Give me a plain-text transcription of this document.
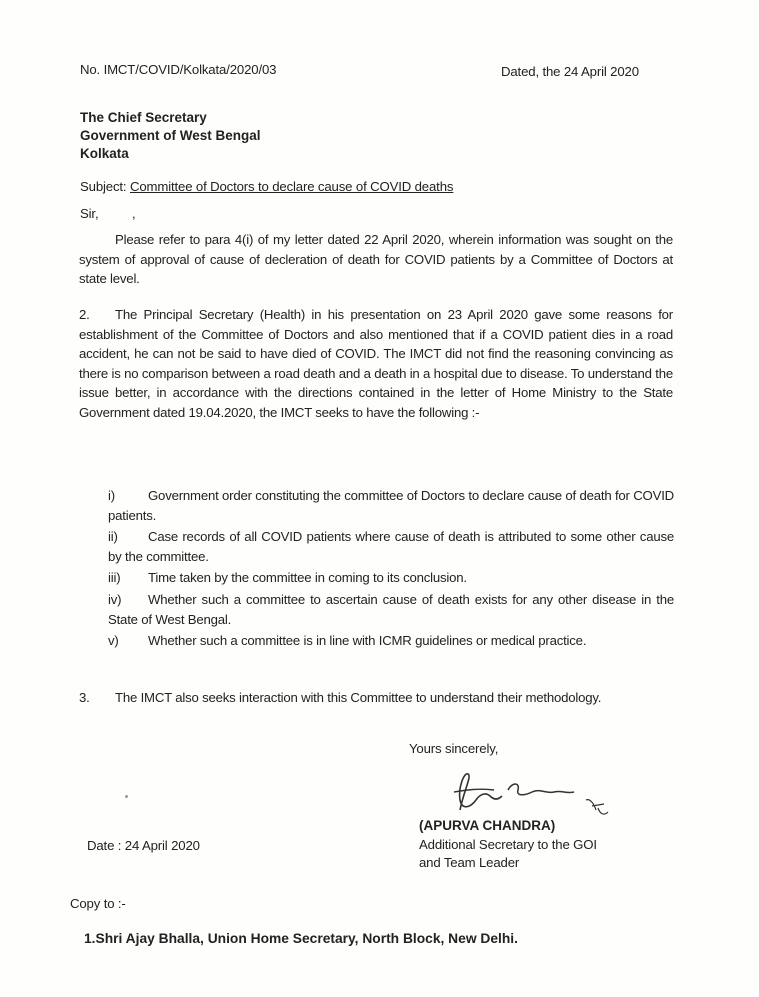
No. IMCT/COVID/Kolkata/2020/03	Dated, the 24 April 2020
The Chief Secretary
Government of West Bengal
Kolkata
Subject: Committee of Doctors to declare cause of COVID deaths
Sir,	,
Please refer to para 4(i) of my letter dated 22 April 2020, wherein information was sought on the system of approval of cause of decleration of death for COVID patients by a Committee of Doctors at state level.
2. The Principal Secretary (Health) in his presentation on 23 April 2020 gave some reasons for establishment of the Committee of Doctors and also mentioned that if a COVID patient dies in a road accident, he can not be said to have died of COVID. The IMCT did not find the reasoning convincing as there is no comparison between a road death and a death in a hospital due to disease. To understand the issue better, in accordance with the directions contained in the letter of Home Ministry to the State Government dated 19.04.2020, the IMCT seeks to have the following :-
i)	Government order constituting the committee of Doctors to declare cause of death for COVID patients.
ii) Case records of all COVID patients where cause of death is attributed to some other cause by the committee.
iii) Time taken by the committee in coming to its conclusion.
iv) Whether such a committee to ascertain cause of death exists for any other disease in the State of West Bengal.
v) Whether such a committee is in line with ICMR guidelines or medical practice.
3. The IMCT also seeks interaction with this Committee to understand their methodology.
Yours sincerely,
(APURVA CHANDRA)
Additional Secretary to the GOI
and Team Leader
Date : 24 April 2020
Copy to :-
1.Shri Ajay Bhalla, Union Home Secretary, North Block, New Delhi.
